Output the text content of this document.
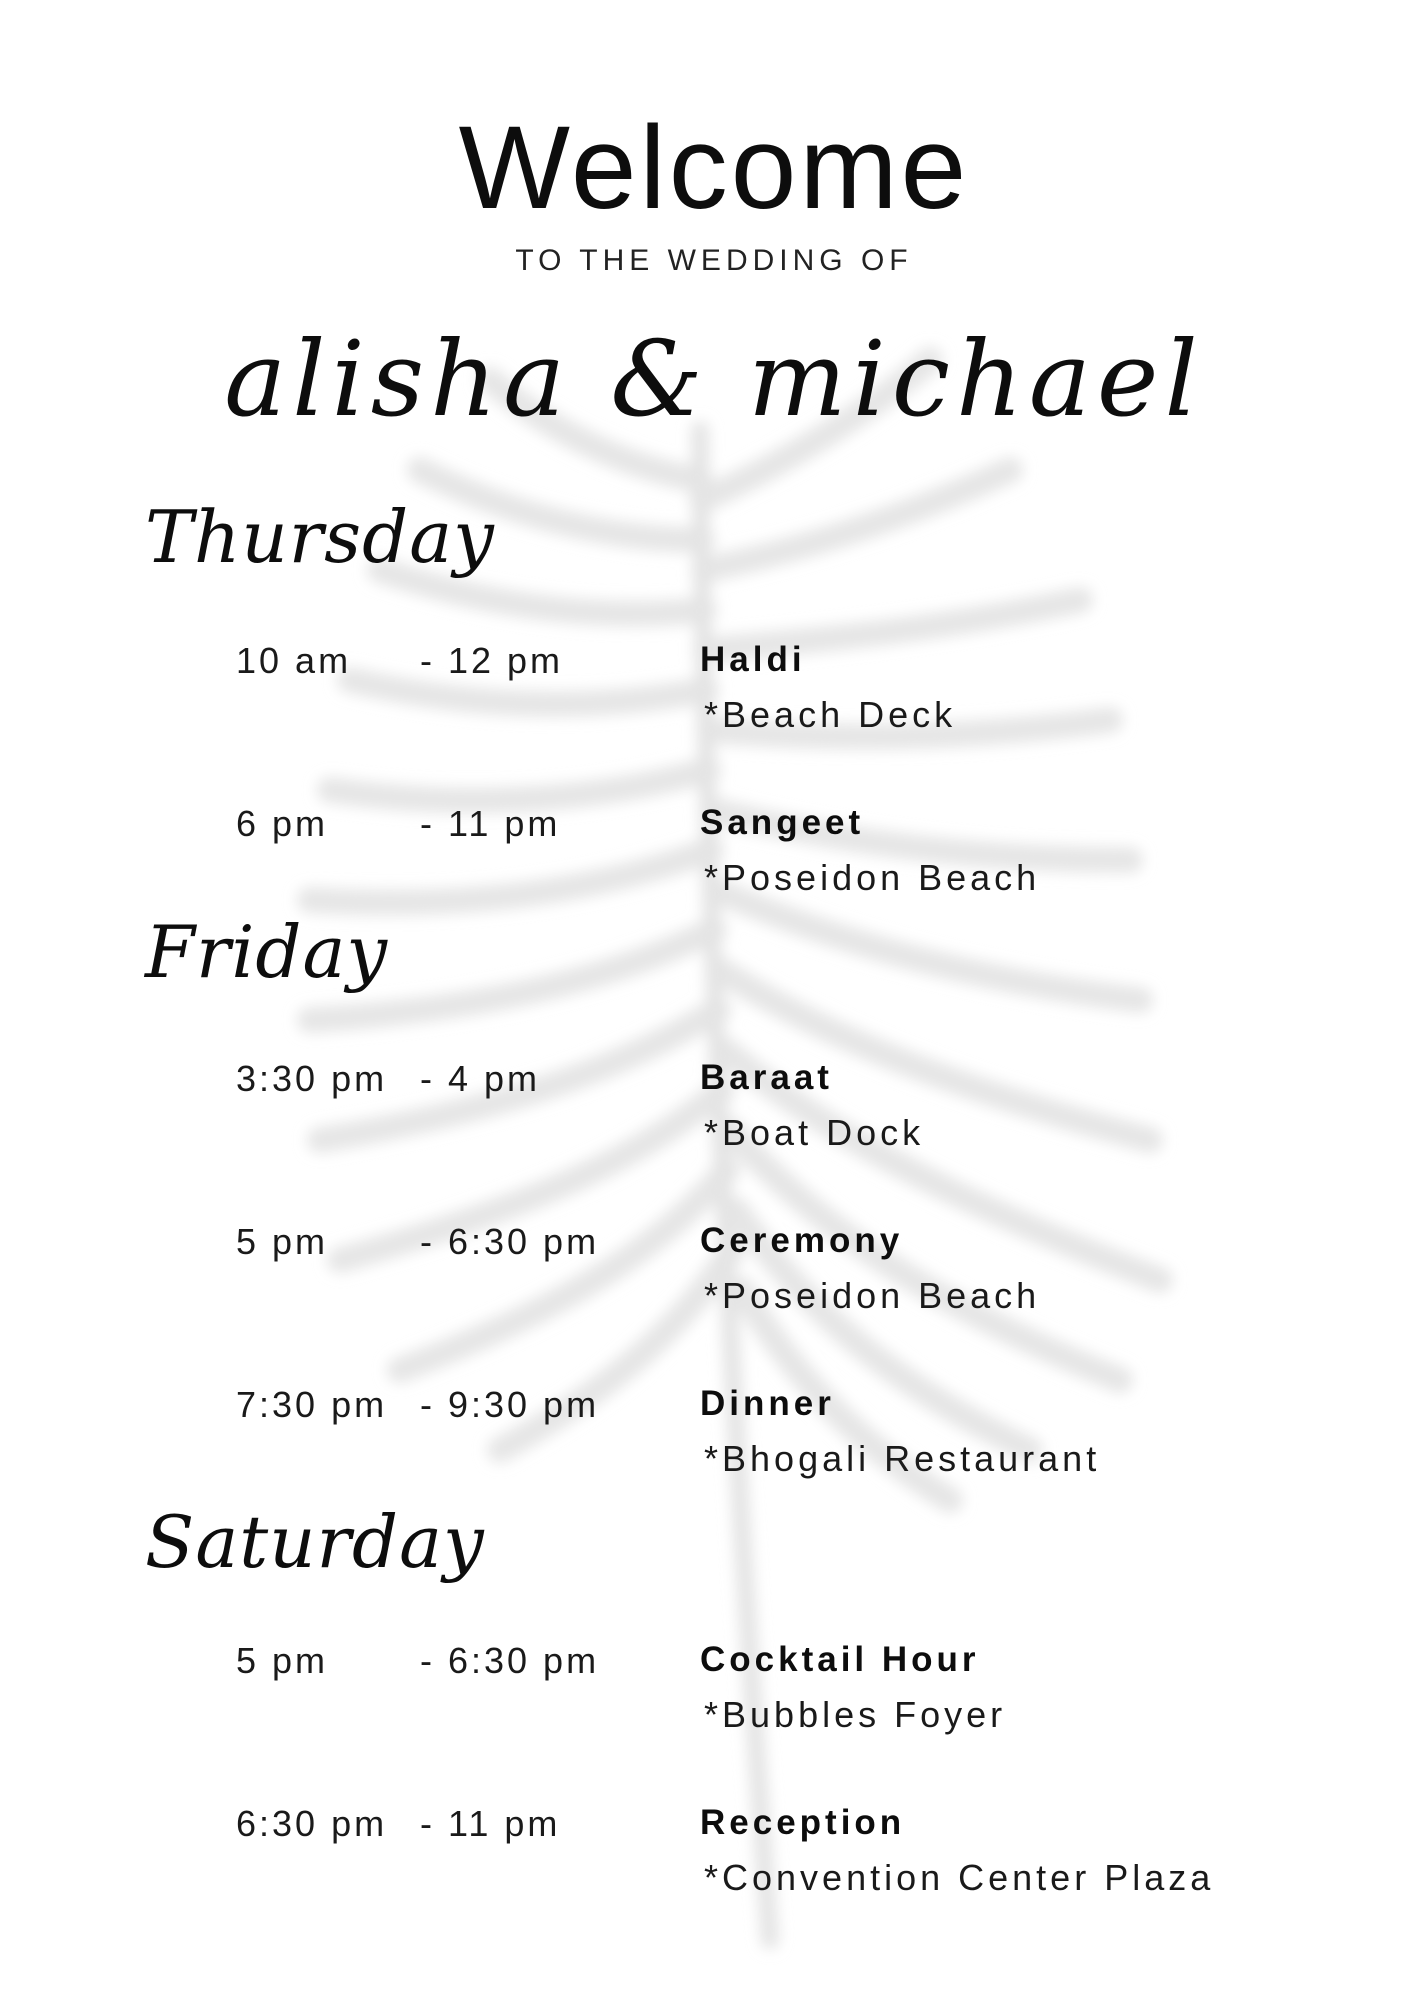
Welcome
TO THE WEDDING OF
alisha & michael
Thursday
10 am - 12 pm	Haldi
*Beach Deck
6 pm	- 11 pm	Sangeet
*Poseidon Beach
Friday
3:30 pm - 4 pm	Baraat
*Boat Dock
5 pm	- 6:30 pm	Ceremony
*Poseidon Beach
7:30 pm - 9:30 pm	Dinner
*Bhogali Restaurant
Saturday
5 pm	- 6:30 pm	Cocktail Hour
*Bubbles Foyer
6:30 pm - 11 pm	Reception
*Convention Center Plaza
